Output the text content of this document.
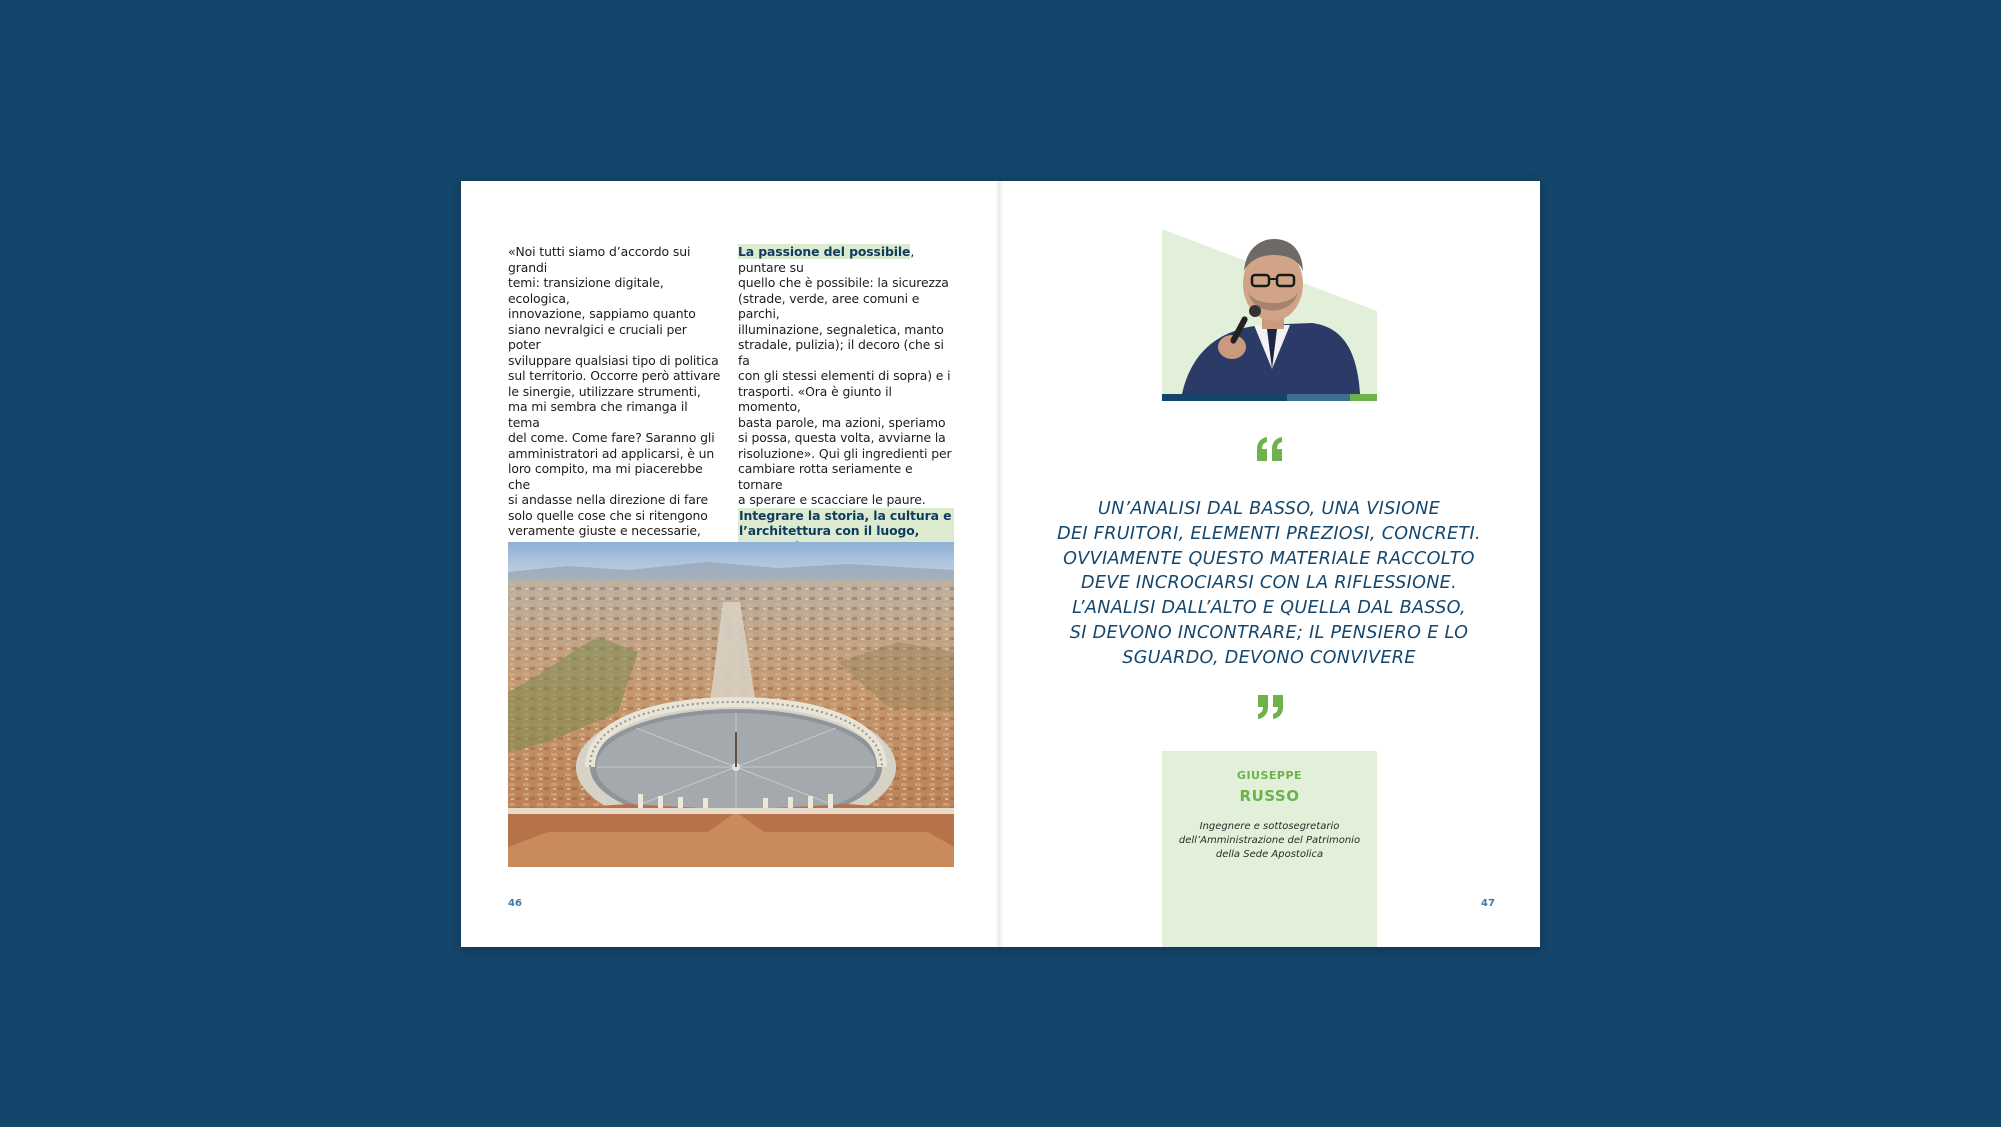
«Noi tutti siamo d’accordo sui grandi

temi: transizione digitale, ecologica,

innovazione, sappiamo quanto

siano nevralgici e cruciali per poter

sviluppare qualsiasi tipo di politica

sul territorio. Occorre però attivare

le sinergie, utilizzare strumenti,

ma mi sembra che rimanga il tema

del come. Come fare? Saranno gli

amministratori ad applicarsi, è un

loro compito, ma mi piacerebbe che

si andasse nella direzione di fare

solo quelle cose che si ritengono

veramente giuste e necessarie,

La passione del possibile, puntare su

quello che è possibile: la sicurezza

(strade, verde, aree comuni e parchi,

illuminazione, segnaletica, manto

stradale, pulizia); il decoro (che si fa

con gli stessi elementi di sopra) e i

trasporti. «Ora è giunto il momento,

basta parole, ma azioni, speriamo

si possa, questa volta, avviarne la

risoluzione». Qui gli ingredienti per

cambiare rotta seriamente e tornare

a sperare e scacciare le paure.

Integrare la storia, la cultura e

l’architettura con il luogo,

46
UN’ANALISI DAL BASSO, UNA VISIONE
DEI FRUITORI, ELEMENTI PREZIOSI, CONCRETI.
OVVIAMENTE QUESTO MATERIALE RACCOLTO
DEVE INCROCIARSI CON LA RIFLESSIONE.
L’ANALISI DALL’ALTO E QUELLA DAL BASSO,
SI DEVONO INCONTRARE; IL PENSIERO E LO
SGUARDO, DEVONO CONVIVERE
GIUSEPPE
RUSSO
Ingegnere e sottosegretario
dell’Amministrazione del Patrimonio
della Sede Apostolica
47
